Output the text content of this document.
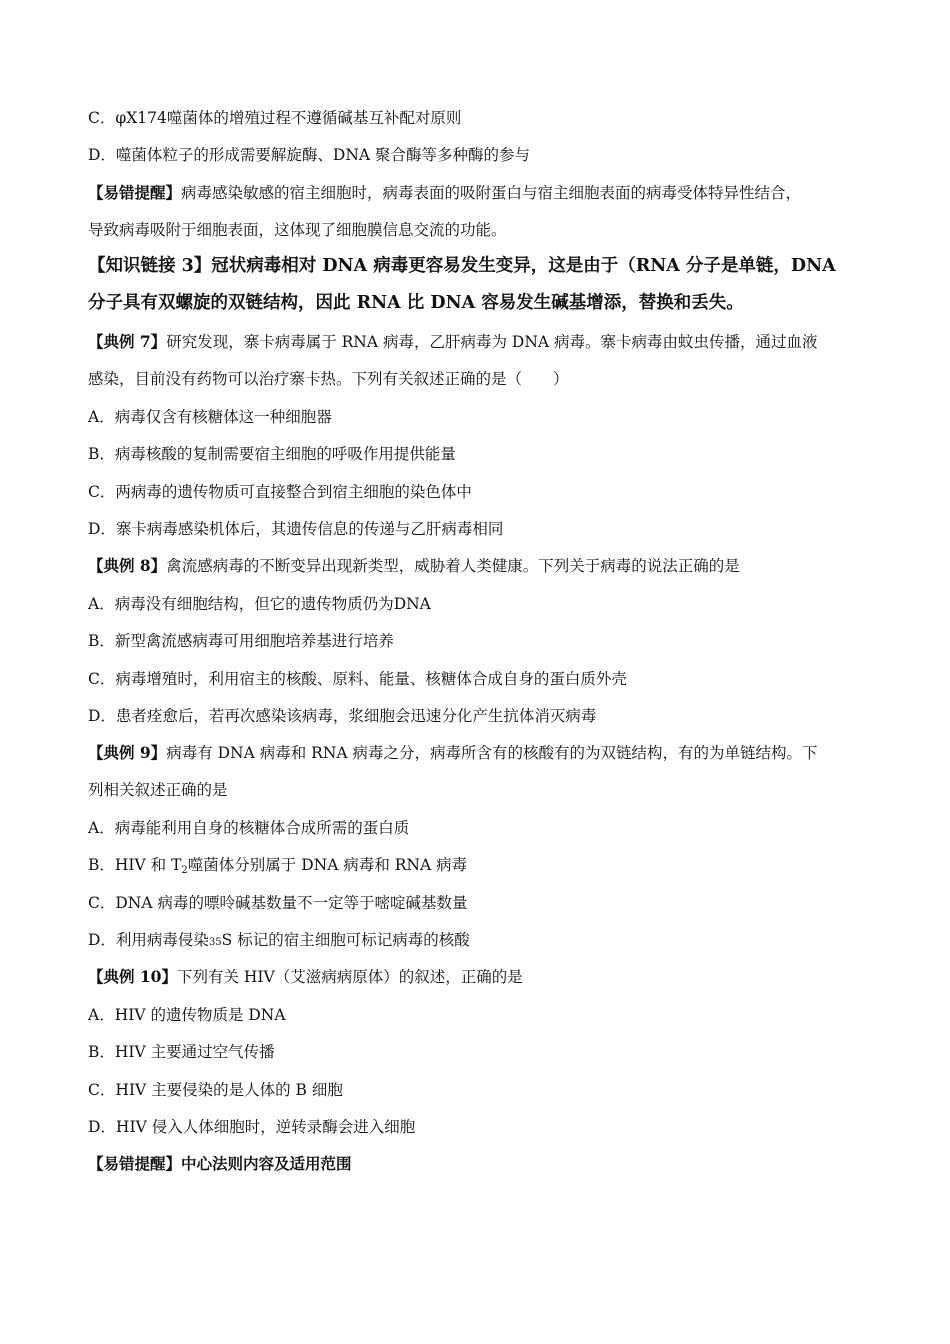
C．φX174噬菌体的增殖过程不遵循碱基互补配对原则
D．噬菌体粒子的形成需要解旋酶、DNA 聚合酶等多种酶的参与
【易错提醒】病毒感染敏感的宿主细胞时，病毒表面的吸附蛋白与宿主细胞表面的病毒受体特异性结合，
导致病毒吸附于细胞表面，这体现了细胞膜信息交流的功能。
【知识链接 3】冠状病毒相对 DNA 病毒更容易发生变异，这是由于（RNA 分子是单链，DNA
分子具有双螺旋的双链结构，因此 RNA 比 DNA 容易发生碱基增添，替换和丢失。
【典例 7】研究发现，寨卡病毒属于 RNA 病毒，乙肝病毒为 DNA 病毒。寨卡病毒由蚊虫传播，通过血液
感染，目前没有药物可以治疗寨卡热。下列有关叙述正确的是（　　）
A．病毒仅含有核糖体这一种细胞器
B．病毒核酸的复制需要宿主细胞的呼吸作用提供能量
C．两病毒的遗传物质可直接整合到宿主细胞的染色体中
D．寨卡病毒感染机体后，其遗传信息的传递与乙肝病毒相同
【典例 8】禽流感病毒的不断变异出现新类型，威胁着人类健康。下列关于病毒的说法正确的是
A．病毒没有细胞结构，但它的遗传物质仍为DNA
B．新型禽流感病毒可用细胞培养基进行培养
C．病毒增殖时，利用宿主的核酸、原料、能量、核糖体合成自身的蛋白质外壳
D．患者痊愈后，若再次感染该病毒，浆细胞会迅速分化产生抗体消灭病毒
【典例 9】病毒有 DNA 病毒和 RNA 病毒之分，病毒所含有的核酸有的为双链结构，有的为单链结构。下
列相关叙述正确的是
A．病毒能利用自身的核糖体合成所需的蛋白质
B．HIV 和 $T_2$噬菌体分别属于 DNA 病毒和 RNA 病毒
C．DNA 病毒的嘌呤碱基数量不一定等于嘧啶碱基数量
D．利用病毒侵染35S 标记的宿主细胞可标记病毒的核酸
【典例 10】下列有关 HIV（艾滋病病原体）的叙述，正确的是
A．HIV 的遗传物质是 DNA
B．HIV 主要通过空气传播
C．HIV 主要侵染的是人体的 B 细胞
D．HIV 侵入人体细胞时，逆转录酶会进入细胞
【易错提醒】中心法则内容及适用范围
